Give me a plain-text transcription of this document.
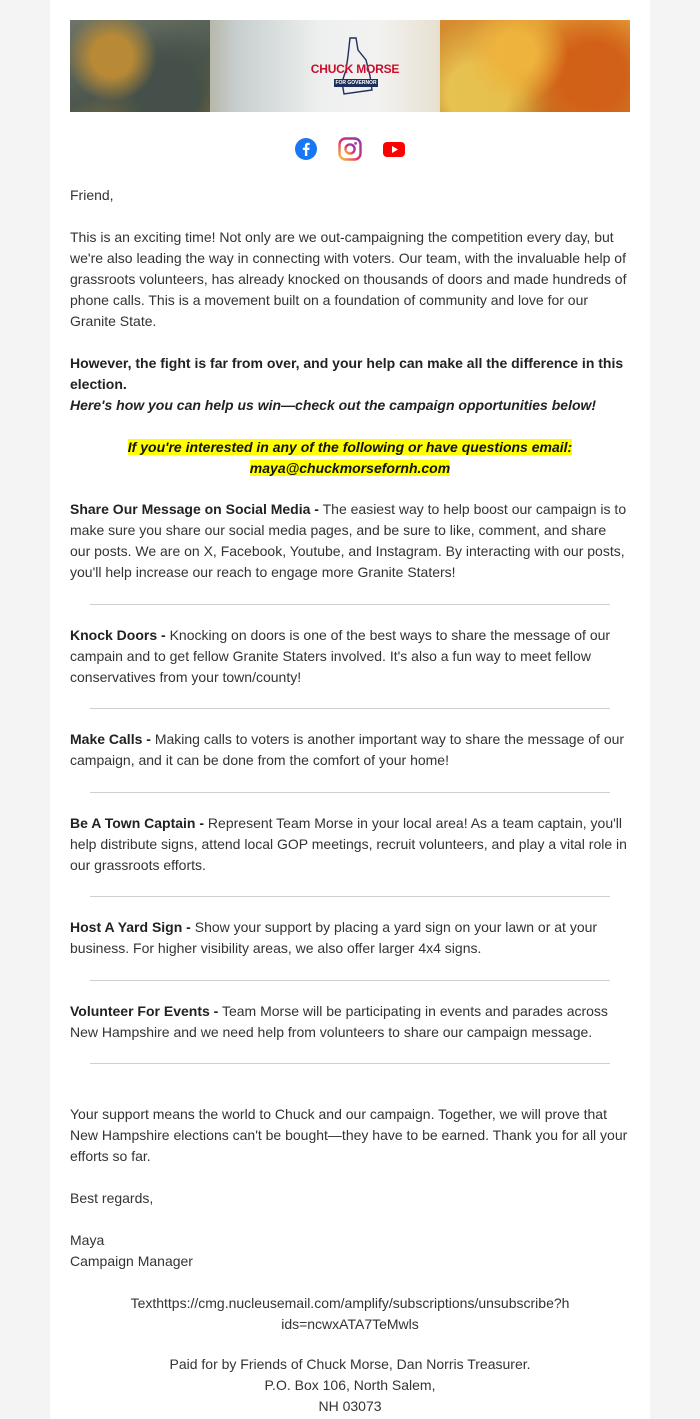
CHUCK MORSE
FOR GOVERNOR

Friend,
This is an exciting time! Not only are we out-campaigning the competition every day, but we're also leading the way in connecting with voters. Our team, with the invaluable help of grassroots volunteers, has already knocked on thousands of doors and made hundreds of phone calls. This is a movement built on a foundation of community and love for our Granite State.

However, the fight is far from over, and your help can make all the difference in this election.

Here's how you can help us win—check out the campaign opportunities below!

If you're interested in any of the following or have questions email:

maya@chuckmorsefornh.com

Share Our Message on Social Media - The easiest way to help boost our campaign is to make sure you share our social media pages, and be sure to like, comment, and share our posts. We are on X, Facebook, Youtube, and Instagram. By interacting with our posts, you'll help increase our reach to engage more Granite Staters!
Knock Doors - Knocking on doors is one of the best ways to share the message of our campain and to get fellow Granite Staters involved. It's also a fun way to meet fellow conservatives from your town/county!
Make Calls - Making calls to voters is another important way to share the message of our campaign, and it can be done from the comfort of your home!
Be A Town Captain - Represent Team Morse in your local area! As a team captain, you'll help distribute signs, attend local GOP meetings, recruit volunteers, and play a vital role in our grassroots efforts.
Host A Yard Sign - Show your support by placing a yard sign on your lawn or at your business. For higher visibility areas, we also offer larger 4x4 signs.
Volunteer For Events - Team Morse will be participating in events and parades across New Hampshire and we need help from volunteers to share our campaign message.
Your support means the world to Chuck and our campaign. Together, we will prove that New Hampshire elections can't be bought—they have to be earned. Thank you for all your efforts so far.
Best regards,

Maya

Campaign Manager

Texthttps://cmg.nucleusemail.com/amplify/subscriptions/unsubscribe?hids=ncwxATA7TeMwls

Paid for by Friends of Chuck Morse, Dan Norris Treasurer.

P.O. Box 106, North Salem,

NH 03073
